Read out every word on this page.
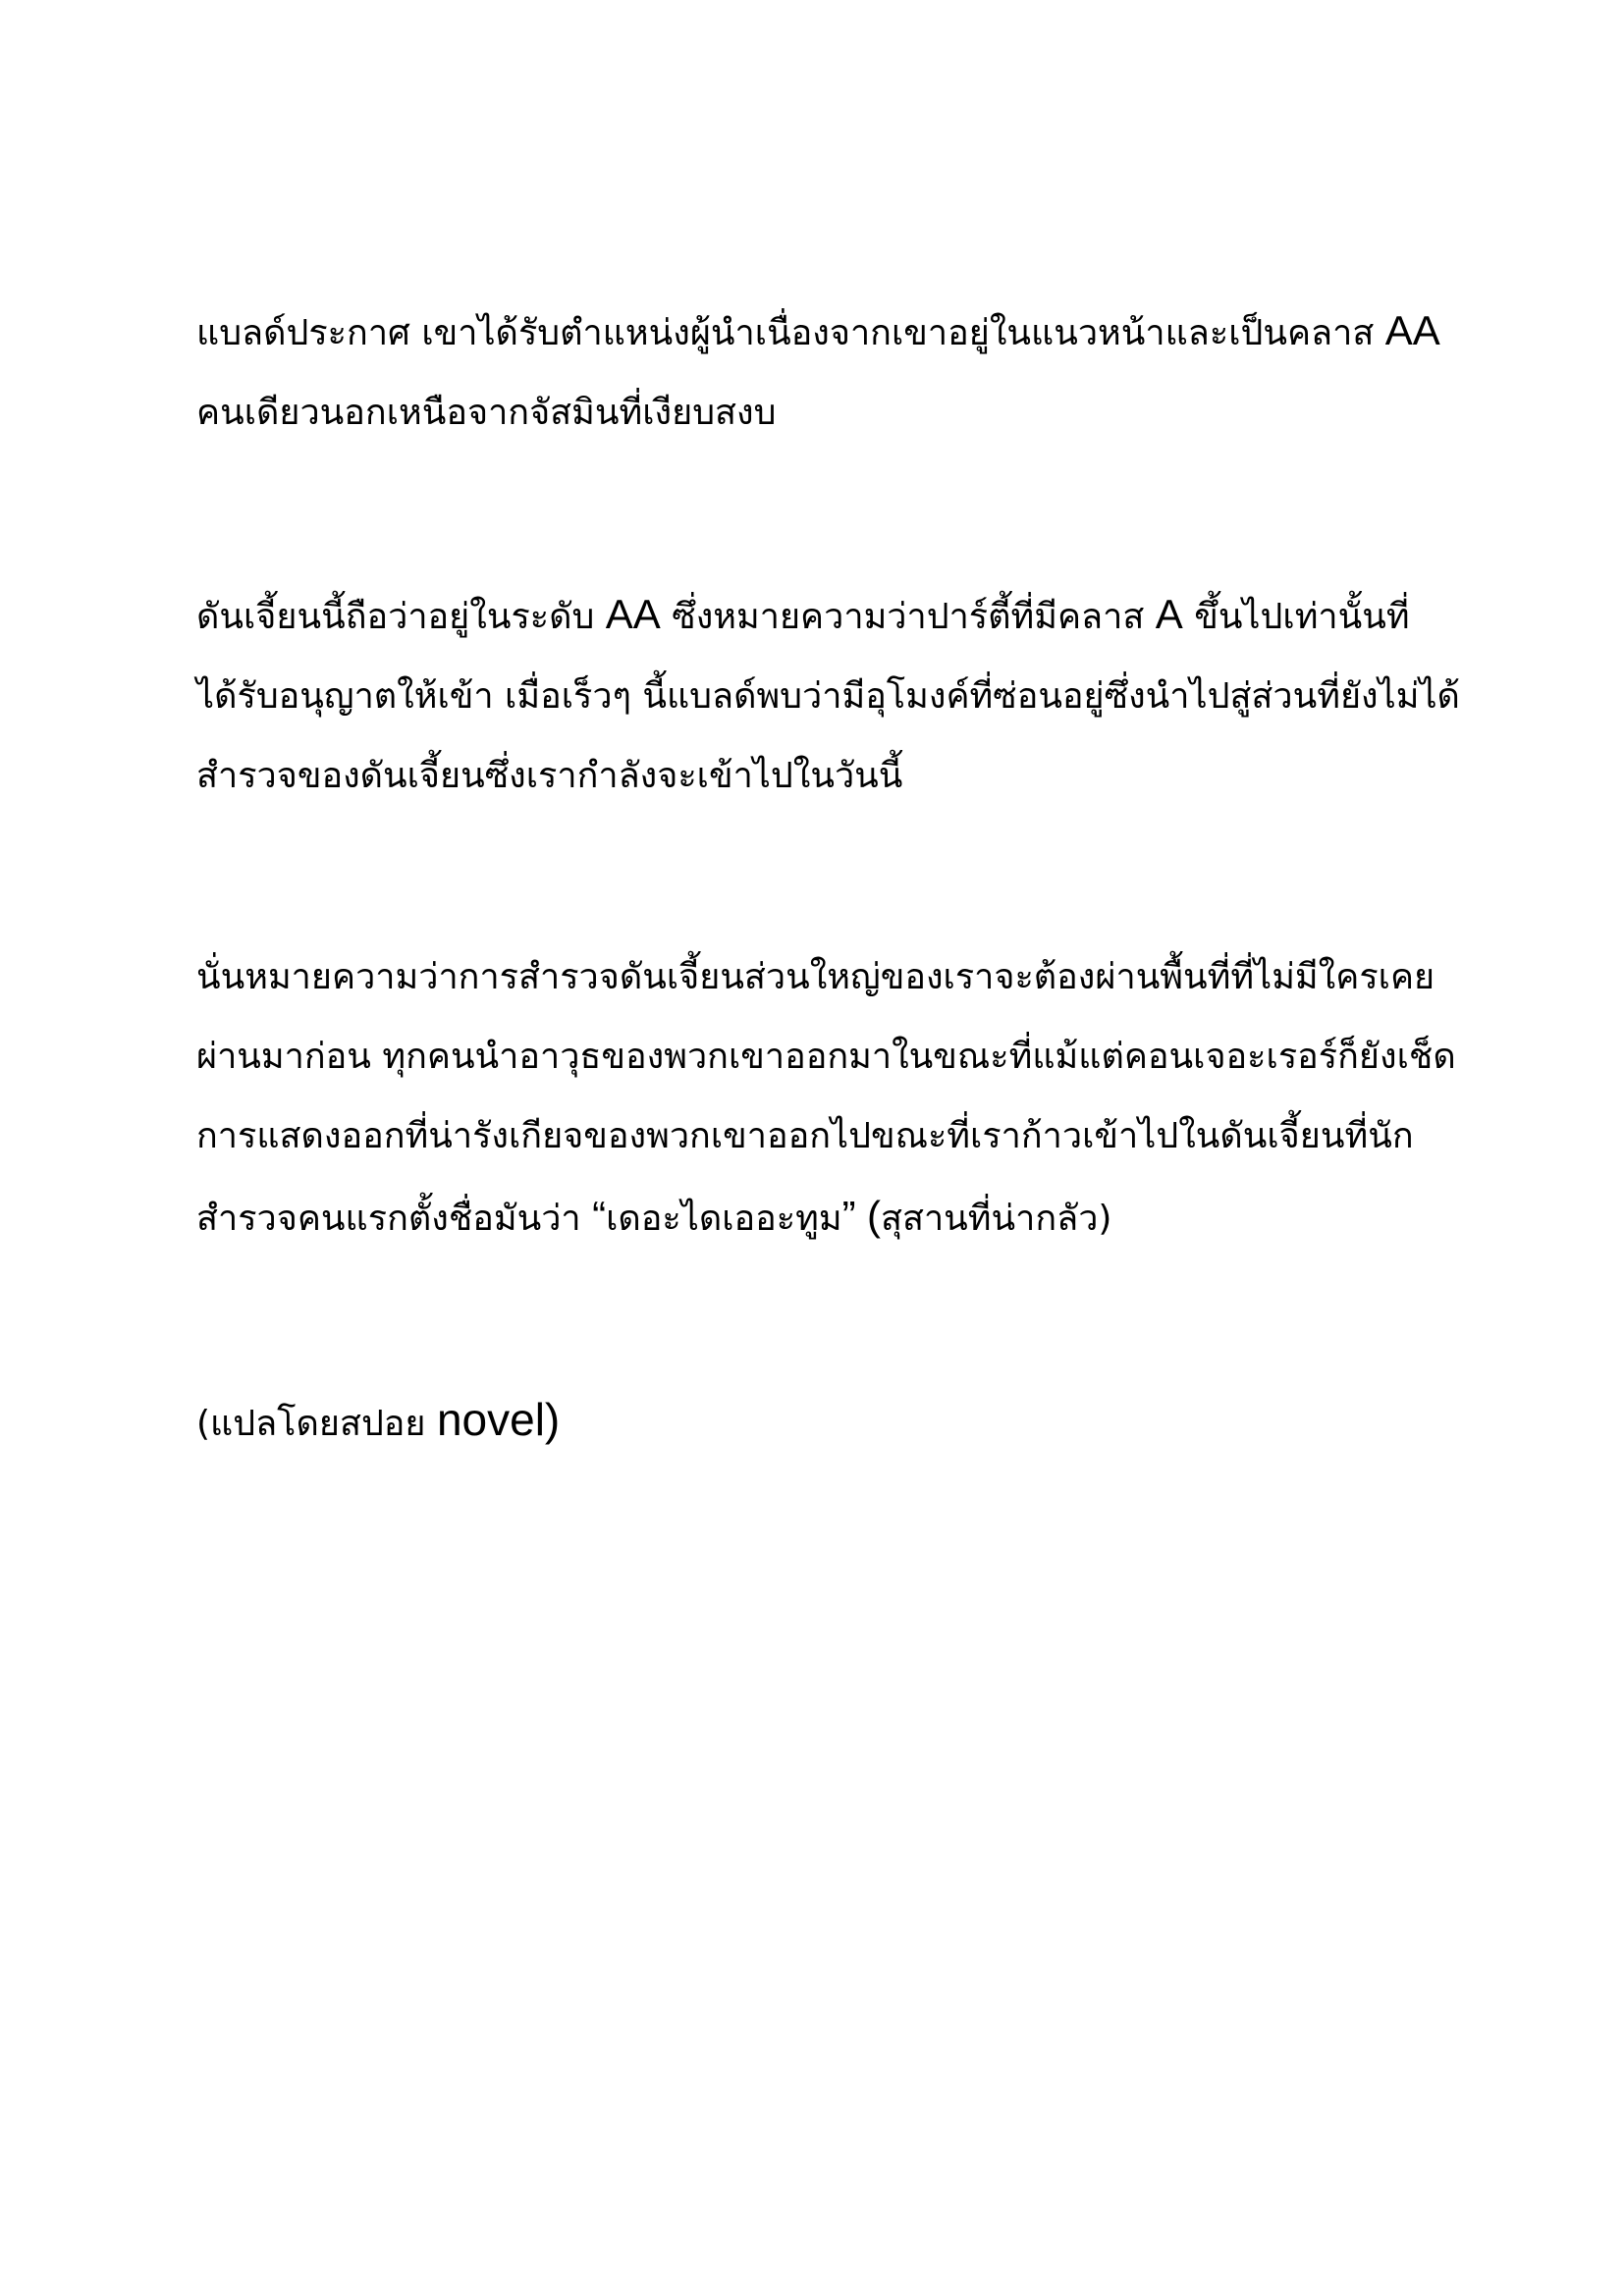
แบลด์ประกาศ เขาได้รับตำแหน่งผู้นำเนื่องจากเขาอยู่ในแนวหน้าและเป็นคลาส AA
คนเดียวนอกเหนือจากจัสมินที่เงียบสงบ

ดันเจี้ยนนี้ถือว่าอยู่ในระดับ AA ซึ่งหมายความว่าปาร์ตี้ที่มีคลาส A ขึ้นไปเท่านั้นที่
ได้รับอนุญาตให้เข้า เมื่อเร็วๆ นี้แบลด์พบว่ามีอุโมงค์ที่ซ่อนอยู่ซึ่งนำไปสู่ส่วนที่ยังไม่ได้
สำรวจของดันเจี้ยนซึ่งเรากำลังจะเข้าไปในวันนี้

นั่นหมายความว่าการสำรวจดันเจี้ยนส่วนใหญ่ของเราจะต้องผ่านพื้นที่ที่ไม่มีใครเคย
ผ่านมาก่อน ทุกคนนำอาวุธของพวกเขาออกมาในขณะที่แม้แต่คอนเจอะเรอร์ก็ยังเช็ด
การแสดงออกที่น่ารังเกียจของพวกเขาออกไปขณะที่เราก้าวเข้าไปในดันเจี้ยนที่นัก
สำรวจคนแรกตั้งชื่อมันว่า “เดอะไดเออะทูม” (สุสานที่น่ากลัว)

(แปลโดยสปอย novel)
